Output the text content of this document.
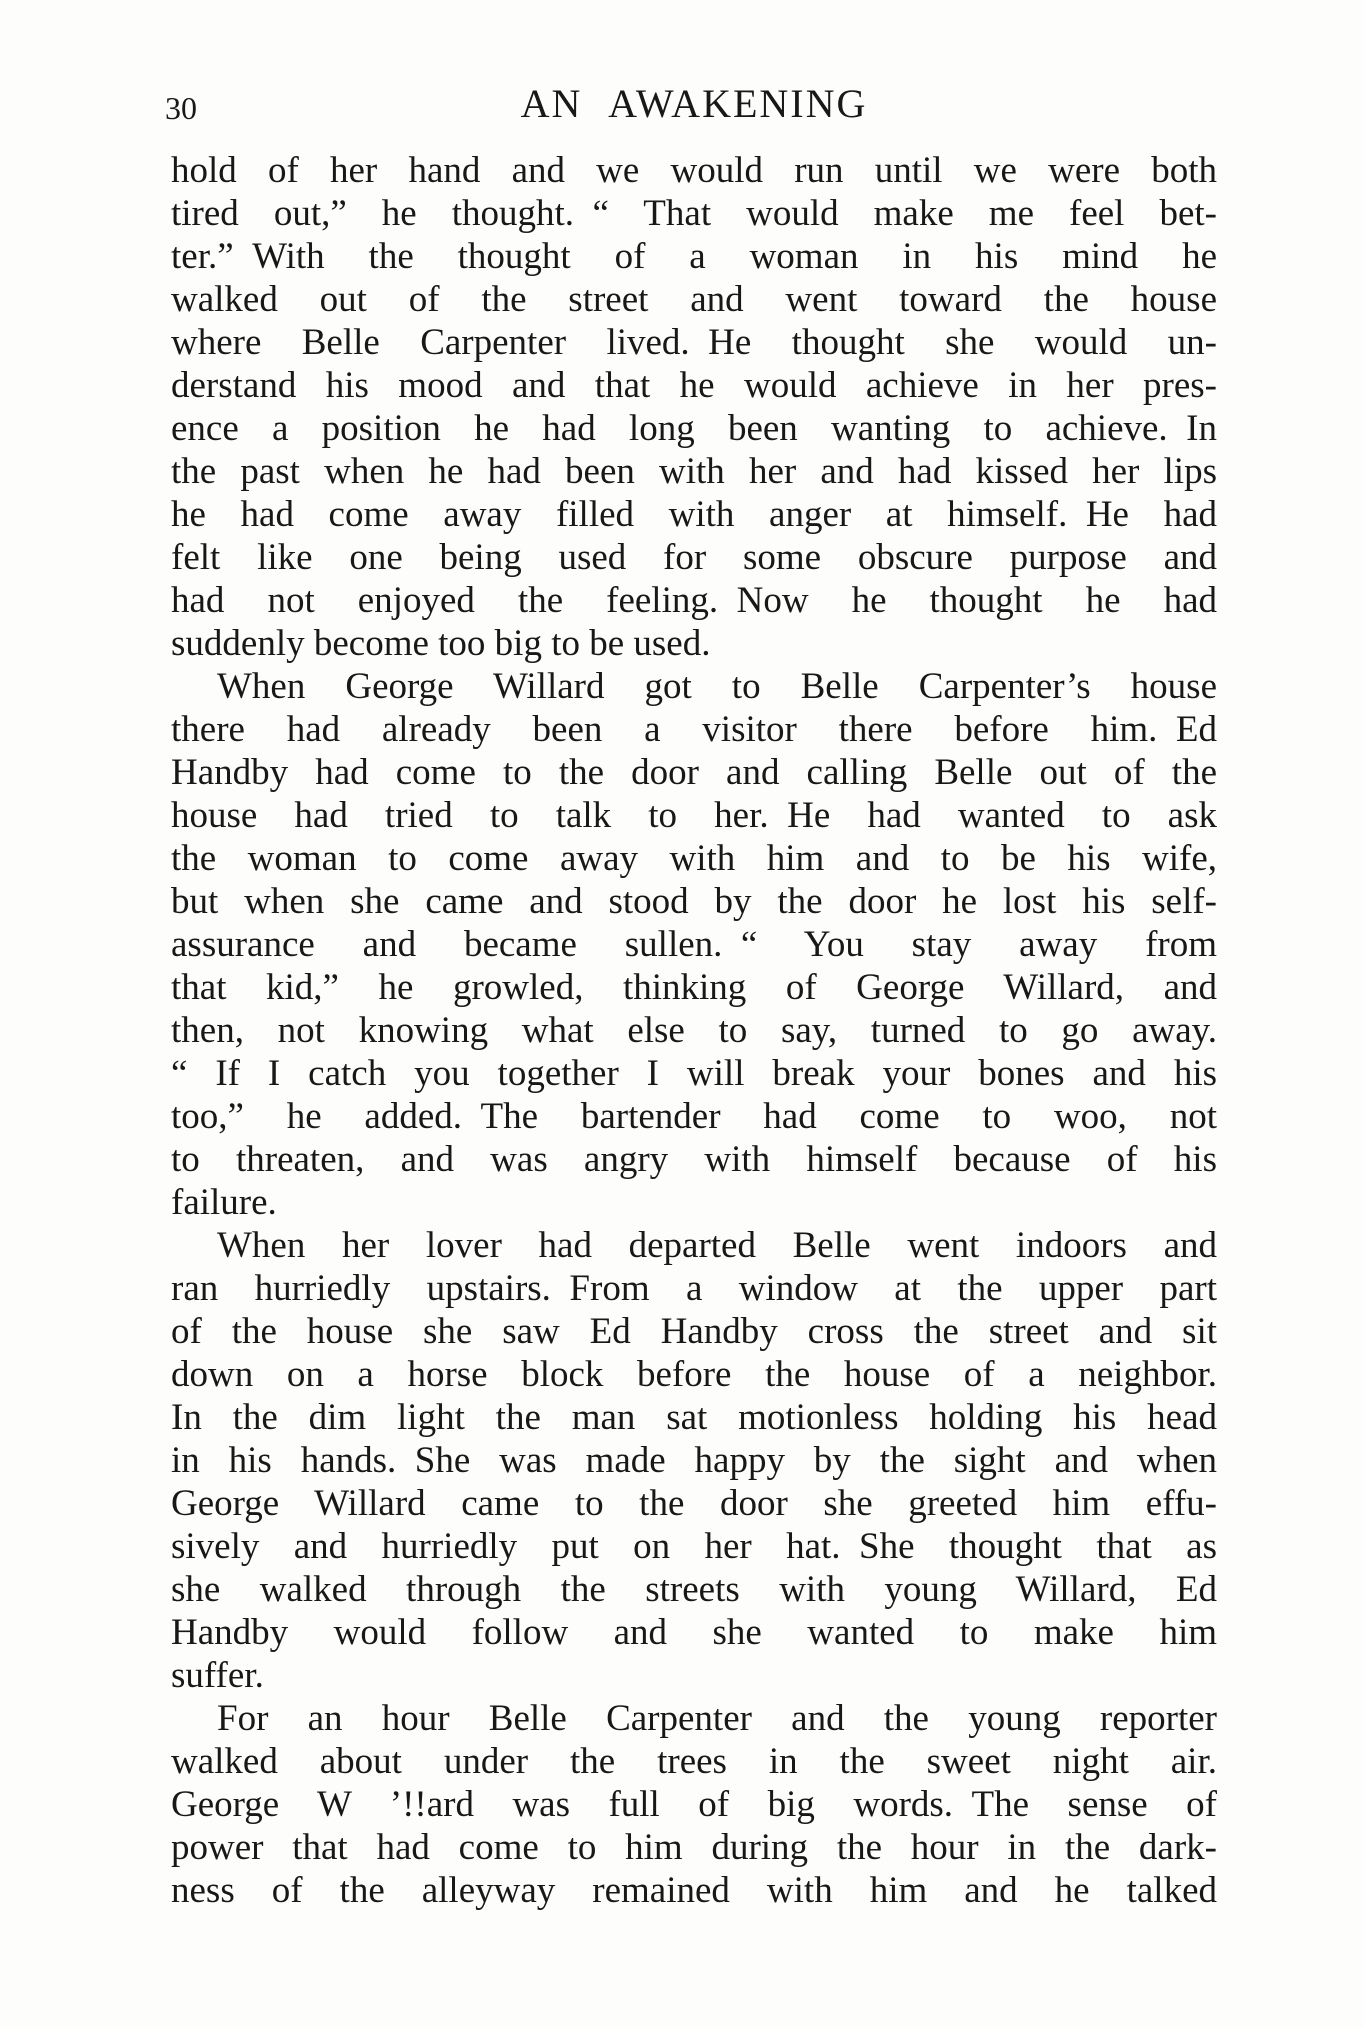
30	AN AWAKENING
hold of her hand and we would run until we were both
tired out,” he thought. “ That would make me feel bet-
ter.” With the thought of a woman in his mind he
walked out of the street and went toward the house
where Belle Carpenter lived. He thought she would un-
derstand his mood and that he would achieve in her pres-
ence a position he had long been wanting to achieve. In
the past when he had been with her and had kissed her lips
he had come away filled with anger at himself. He had
felt like one being used for some obscure purpose and
had not enjoyed the feeling. Now he thought he had
suddenly become too big to be used.
When George Willard got to Belle Carpenter’s house
there had already been a visitor there before him. Ed
Handby had come to the door and calling Belle out of the
house had tried to talk to her. He had wanted to ask
the woman to come away with him and to be his wife,
but when she came and stood by the door he lost his self-
assurance and became sullen. “ You stay away from
that kid,” he growled, thinking of George Willard, and
then, not knowing what else to say, turned to go away.
“ If I catch you together I will break your bones and his
too,” he added. The bartender had come to woo, not
to threaten, and was angry with himself because of his
failure.
When her lover had departed Belle went indoors and
ran hurriedly upstairs. From a window at the upper part
of the house she saw Ed Handby cross the street and sit
down on a horse block before the house of a neighbor.
In the dim light the man sat motionless holding his head
in his hands. She was made happy by the sight and when
George Willard came to the door she greeted him effu-
sively and hurriedly put on her hat. She thought that as
she walked through the streets with young Willard, Ed
Handby would follow and she wanted to make him
suffer.
For an hour Belle Carpenter and the young reporter
walked about under the trees in the sweet night air.
George W ’!!ard was full of big words. The sense of
power that had come to him during the hour in the dark-
ness of the alleyway remained with him and he talked
